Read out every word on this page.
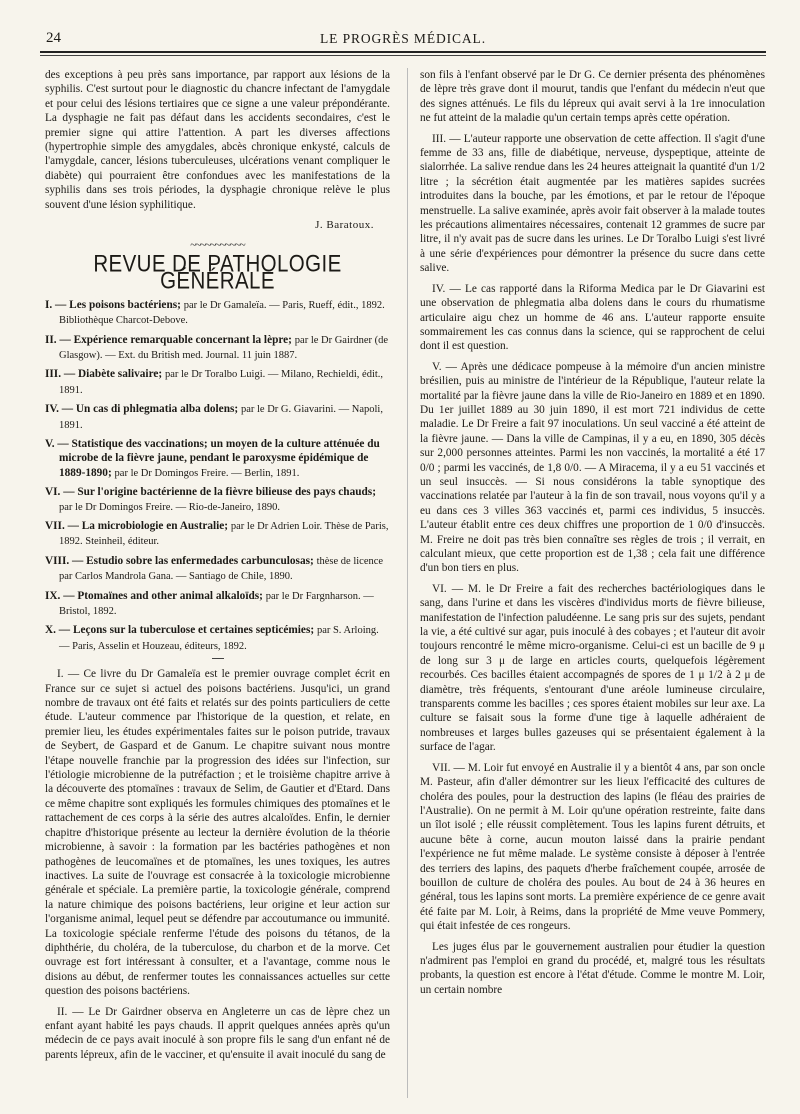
24	LE PROGRÈS MÉDICAL.

des exceptions à peu près sans importance, par rapport aux lésions de la syphilis. C'est surtout pour le diagnostic du chancre infectant de l'amygdale et pour celui des lésions tertiaires que ce signe a une valeur prépondérante. La dysphagie ne fait pas défaut dans les accidents secondaires, c'est le premier signe qui attire l'attention. A part les diverses affections (hypertrophie simple des amygdales, abcès chronique enkysté, calculs de l'amygdale, cancer, lésions tuberculeuses, ulcérations venant compliquer le diabète) qui pourraient être confondues avec les manifestations de la syphilis dans ses trois périodes, la dysphagie chronique relève le plus souvent d'une lésion syphilitique.

J. Baratoux.
~~~~~~~~~~~
REVUE DE PATHOLOGIE GÉNÉRALE

I. — Les poisons bactériens; par le Dr Gamaleïa. — Paris, Rueff, édit., 1892. Bibliothèque Charcot-Debove.

II. — Expérience remarquable concernant la lèpre; par le Dr Gairdner (de Glasgow). — Ext. du British med. Journal. 11 juin 1887.

III. — Diabète salivaire; par le Dr Toralbo Luigi. — Milano, Rechieldi, édit., 1891.

IV. — Un cas di phlegmatia alba dolens; par le Dr G. Giavarini. — Napoli, 1891.

V. — Statistique des vaccinations; un moyen de la culture atténuée du microbe de la fièvre jaune, pendant le paroxysme épidémique de 1889-1890; par le Dr Domingos Freire. — Berlin, 1891.

VI. — Sur l'origine bactérienne de la fièvre bilieuse des pays chauds; par le Dr Domingos Freire. — Rio-de-Janeiro, 1890.

VII. — La microbiologie en Australie; par le Dr Adrien Loir. Thèse de Paris, 1892. Steinheil, éditeur.

VIII. — Estudio sobre las enfermedades carbunculosas; thèse de licence par Carlos Mandrola Gana. — Santiago de Chile, 1890.

IX. — Ptomaïnes and other animal alkaloïds; par le Dr Fargnharson. — Bristol, 1892.

X. — Leçons sur la tuberculose et certaines septicémies; par S. Arloing. — Paris, Asselin et Houzeau, éditeurs, 1892.

I. — Ce livre du Dr Gamaleïa est le premier ouvrage complet écrit en France sur ce sujet si actuel des poisons bactériens. Jusqu'ici, un grand nombre de travaux ont été faits et relatés sur des points particuliers de cette étude. L'auteur commence par l'historique de la question, et relate, en premier lieu, les études expérimentales faites sur le poison putride, travaux de Seybert, de Gaspard et de Ganum. Le chapitre suivant nous montre l'étape nouvelle franchie par la progression des idées sur l'infection, sur l'étiologie microbienne de la putréfaction ; et le troisième chapitre arrive à la découverte des ptomaïnes : travaux de Selim, de Gautier et d'Etard. Dans ce même chapitre sont expliqués les formules chimiques des ptomaïnes et le rattachement de ces corps à la série des autres alcaloïdes. Enfin, le dernier chapitre d'historique présente au lecteur la dernière évolution de la théorie microbienne, à savoir : la formation par les bactéries pathogènes et non pathogènes de leucomaïnes et de ptomaïnes, les unes toxiques, les autres inactives. La suite de l'ouvrage est consacrée à la toxicologie microbienne générale et spéciale. La première partie, la toxicologie générale, comprend la nature chimique des poisons bactériens, leur origine et leur action sur l'organisme animal, lequel peut se défendre par accoutumance ou immunité. La toxicologie spéciale renferme l'étude des poisons du tétanos, de la diphthérie, du choléra, de la tuberculose, du charbon et de la morve. Cet ouvrage est fort intéressant à consulter, et a l'avantage, comme nous le disions au début, de renfermer toutes les connaissances actuelles sur cette question des poisons bactériens.

II. — Le Dr Gairdner observa en Angleterre un cas de lèpre chez un enfant ayant habité les pays chauds. Il apprit quelques années après qu'un médecin de ce pays avait inoculé à son propre fils le sang d'un enfant né de parents lépreux, afin de le vacciner, et qu'ensuite il avait inoculé du sang de

son fils à l'enfant observé par le Dr G. Ce dernier présenta des phénomènes de lèpre très grave dont il mourut, tandis que l'enfant du médecin n'eut que des signes atténués. Le fils du lépreux qui avait servi à la 1re innoculation ne fut atteint de la maladie qu'un certain temps après cette opération.

III. — L'auteur rapporte une observation de cette affection. Il s'agit d'une femme de 33 ans, fille de diabétique, nerveuse, dyspeptique, atteinte de sialorrhée. La salive rendue dans les 24 heures atteignait la quantité d'un 1/2 litre ; la sécrétion était augmentée par les matières sapides sucrées introduites dans la bouche, par les émotions, et par le retour de l'époque menstruelle. La salive examinée, après avoir fait observer à la malade toutes les précautions alimentaires nécessaires, contenait 12 grammes de sucre par litre, il n'y avait pas de sucre dans les urines. Le Dr Toralbo Luigi s'est livré à une série d'expériences pour démontrer la présence du sucre dans cette salive.

IV. — Le cas rapporté dans la Riforma Medica par le Dr Giavarini est une observation de phlegmatia alba dolens dans le cours du rhumatisme articulaire aigu chez un homme de 46 ans. L'auteur rapporte ensuite sommairement les cas connus dans la science, qui se rapprochent de celui dont il est question.

V. — Après une dédicace pompeuse à la mémoire d'un ancien ministre brésilien, puis au ministre de l'intérieur de la République, l'auteur relate la mortalité par la fièvre jaune dans la ville de Rio-Janeiro en 1889 et en 1890. Du 1er juillet 1889 au 30 juin 1890, il est mort 721 individus de cette maladie. Le Dr Freire a fait 97 inoculations. Un seul vacciné a été atteint de la fièvre jaune. — Dans la ville de Campinas, il y a eu, en 1890, 305 décès sur 2,000 personnes atteintes. Parmi les non vaccinés, la mortalité a été 17 0/0 ; parmi les vaccinés, de 1,8 0/0. — A Miracema, il y a eu 51 vaccinés et un seul insuccès. — Si nous considérons la table synoptique des vaccinations relatée par l'auteur à la fin de son travail, nous voyons qu'il y a eu dans ces 3 villes 363 vaccinés et, parmi ces individus, 5 insuccès. L'auteur établit entre ces deux chiffres une proportion de 1 0/0 d'insuccès. M. Freire ne doit pas très bien connaître ses règles de trois ; il verrait, en calculant mieux, que cette proportion est de 1,38 ; cela fait une différence d'un bon tiers en plus.

VI. — M. le Dr Freire a fait des recherches bactériologiques dans le sang, dans l'urine et dans les viscères d'individus morts de fièvre bilieuse, manifestation de l'infection paludéenne. Le sang pris sur des sujets, pendant la vie, a été cultivé sur agar, puis inoculé à des cobayes ; et l'auteur dit avoir toujours rencontré le même micro-organisme. Celui-ci est un bacille de 9 μ de long sur 3 μ de large en articles courts, quelquefois légèrement recourbés. Ces bacilles étaient accompagnés de spores de 1 μ 1/2 à 2 μ de diamètre, très fréquents, s'entourant d'une aréole lumineuse circulaire, transparents comme les bacilles ; ces spores étaient mobiles sur leur axe. La culture se faisait sous la forme d'une tige à laquelle adhéraient de nombreuses et larges bulles gazeuses qui se présentaient également à la surface de l'agar.

VII. — M. Loir fut envoyé en Australie il y a bientôt 4 ans, par son oncle M. Pasteur, afin d'aller démontrer sur les lieux l'efficacité des cultures de choléra des poules, pour la destruction des lapins (le fléau des prairies de l'Australie). On ne permit à M. Loir qu'une opération restreinte, faite dans un îlot isolé ; elle réussit complètement. Tous les lapins furent détruits, et aucune bête à corne, aucun mouton laissé dans la prairie pendant l'expérience ne fut même malade. Le système consiste à déposer à l'entrée des terriers des lapins, des paquets d'herbe fraîchement coupée, arrosée de bouillon de culture de choléra des poules. Au bout de 24 à 36 heures en général, tous les lapins sont morts. La première expérience de ce genre avait été faite par M. Loir, à Reims, dans la propriété de Mme veuve Pommery, qui était infestée de ces rongeurs.

Les juges élus par le gouvernement australien pour étudier la question n'admirent pas l'emploi en grand du procédé, et, malgré tous les résultats probants, la question est encore à l'état d'étude. Comme le montre M. Loir, un certain nombre
